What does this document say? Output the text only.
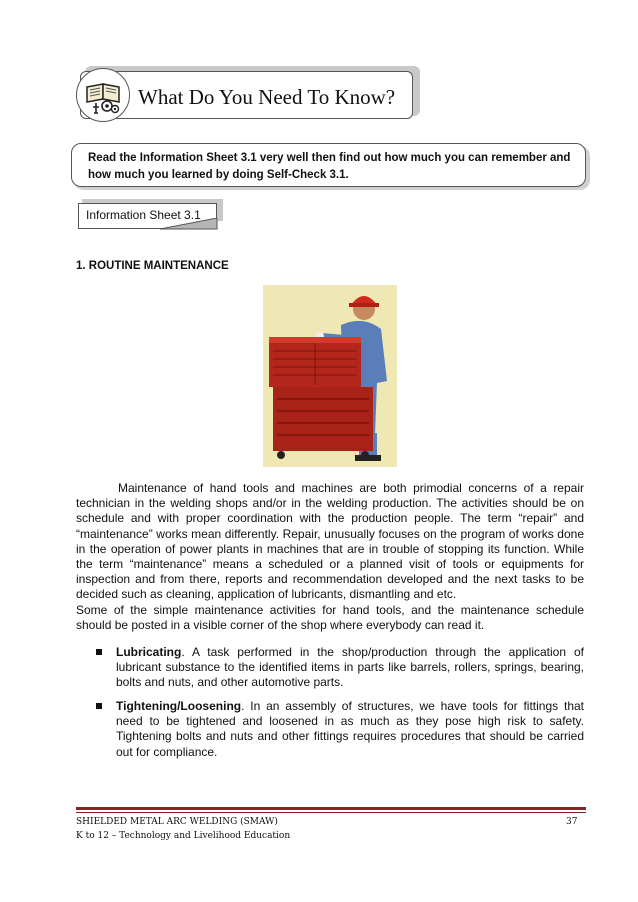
What Do You Need To Know?
Read the Information Sheet 3.1 very well then find out how much you can remember and how much you learned by doing Self-Check 3.1.
Information Sheet 3.1
1. ROUTINE MAINTENANCE
Maintenance of hand tools and machines are both primodial concerns of a repair technician in the welding shops and/or in the welding production. The activities should be on schedule and with proper coordination with the production people. The term “repair” and “maintenance” works mean differently. Repair, unusually focuses on the program of works done in the operation of power plants in machines that are in trouble of stopping its function. While the term “maintenance” means a scheduled or a planned visit of tools or equipments for inspection and from there, reports and recommendation developed and the next tasks to be decided such as cleaning, application of lubricants, dismantling and etc.
Some of the simple maintenance activities for hand tools, and the maintenance schedule should be posted in a visible corner of the shop where everybody can read it.
Lubricating. A task performed in the shop/production through the application of lubricant substance to the identified items in parts like barrels, rollers, springs, bearing, bolts and nuts, and other automotive parts.
Tightening/Loosening. In an assembly of structures, we have tools for fittings that need to be tightened and loosened in as much as they pose high risk to safety. Tightening bolts and nuts and other fittings requires procedures that should be carried out for compliance.
SHIELDED METAL ARC WELDING (SMAW)
K to 12 – Technology and Livelihood Education
37
